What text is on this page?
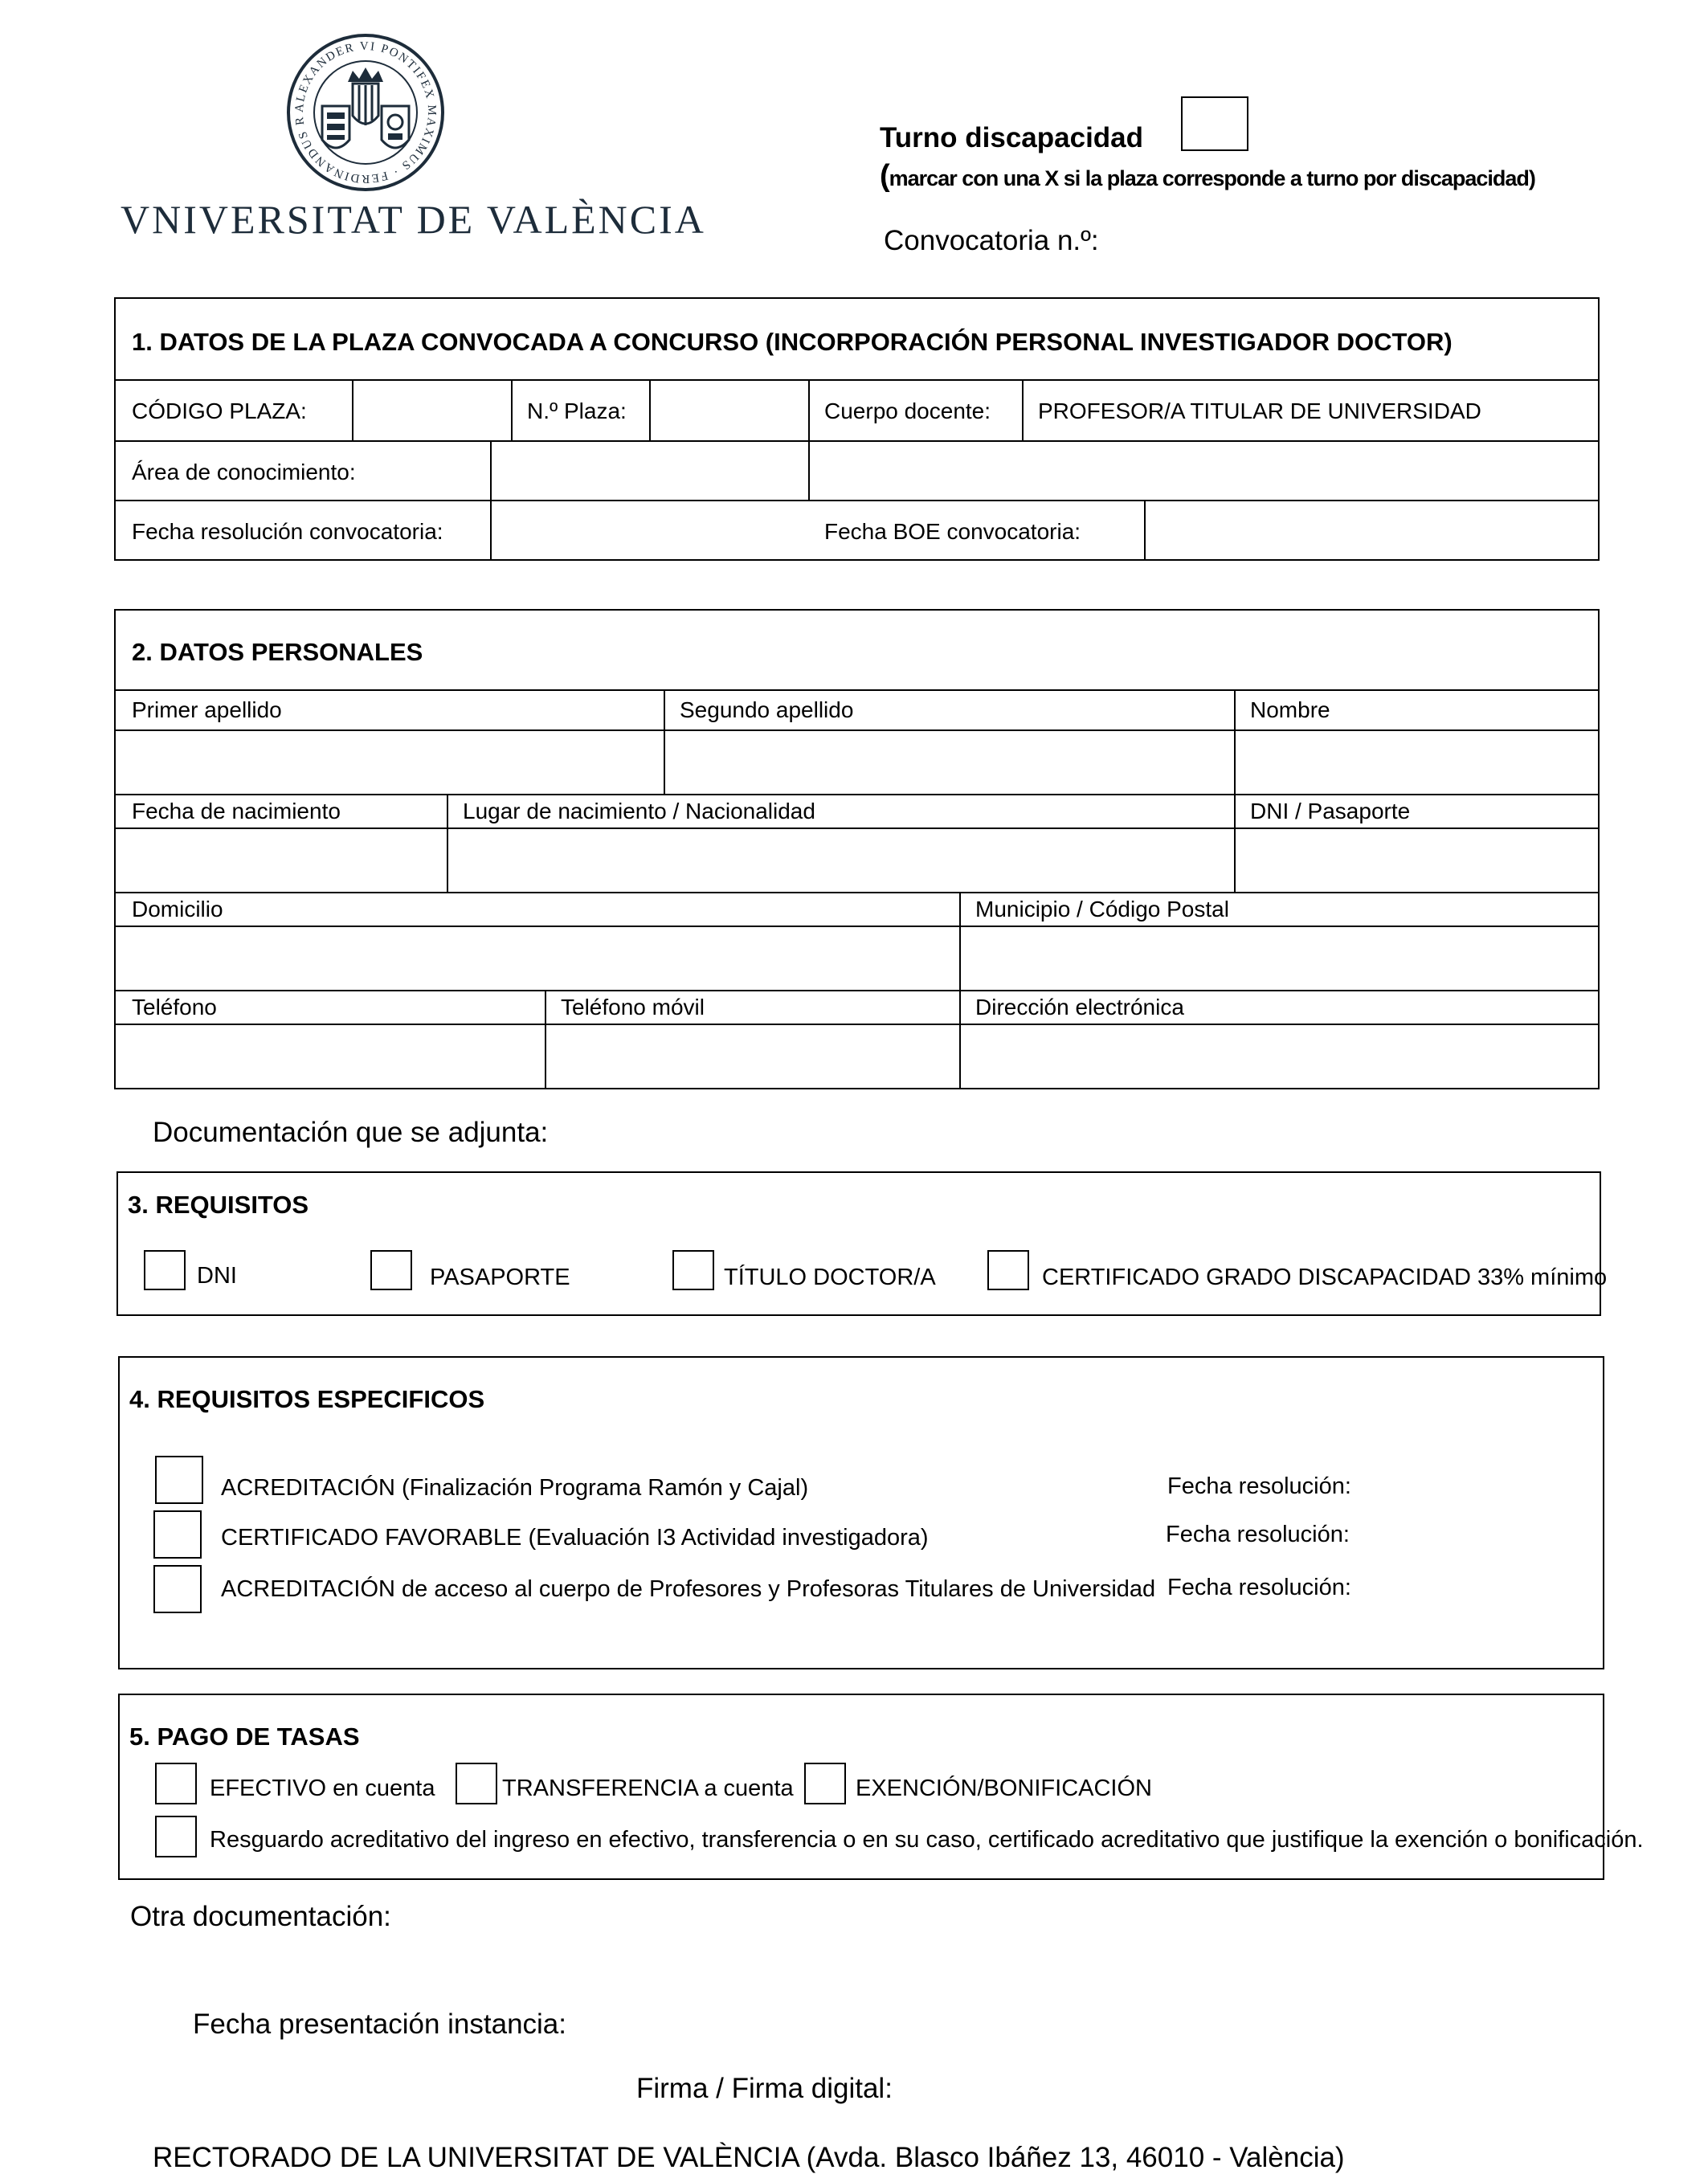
ALEXANDER VI PONTIFEX MAXIMUS · FERDINANDUS R
VNIVERSITAT DE VALÈNCIA
Turno discapacidad
(marcar con una X si la plaza corresponde a turno por discapacidad)
Convocatoria n.º:
1. DATOS DE LA PLAZA CONVOCADA A CONCURSO (INCORPORACIÓN PERSONAL INVESTIGADOR DOCTOR)
CÓDIGO PLAZA:	N.º Plaza:	Cuerpo docente: PROFESOR/A TITULAR DE UNIVERSIDAD
Área de conocimiento:
Fecha resolución convocatoria:	Fecha BOE convocatoria:
2. DATOS PERSONALES
Primer apellido	Segundo apellido	Nombre
Fecha de nacimiento	Lugar de nacimiento / Nacionalidad	DNI / Pasaporte
Domicilio	Municipio / Código Postal
Teléfono	Teléfono móvil	Dirección electrónica
Documentación que se adjunta:
3. REQUISITOS
DNI	PASAPORTE	TÍTULO DOCTOR/A	CERTIFICADO GRADO DISCAPACIDAD 33% mínimo
4. REQUISITOS ESPECIFICOS
ACREDITACIÓN (Finalización Programa Ramón y Cajal)	Fecha resolución:
CERTIFICADO FAVORABLE (Evaluación I3 Actividad investigadora)	Fecha resolución:
ACREDITACIÓN de acceso al cuerpo de Profesores y Profesoras Titulares de Universidad Fecha resolución:
5. PAGO DE TASAS
EFECTIVO en cuenta	TRANSFERENCIA a cuenta	EXENCIÓN/BONIFICACIÓN
Resguardo acreditativo del ingreso en efectivo, transferencia o en su caso, certificado acreditativo que justifique la exención o bonificación.
Otra documentación:
Fecha presentación instancia:
Firma / Firma digital:
RECTORADO DE LA UNIVERSITAT DE VALÈNCIA (Avda. Blasco Ibáñez 13, 46010 - València)
